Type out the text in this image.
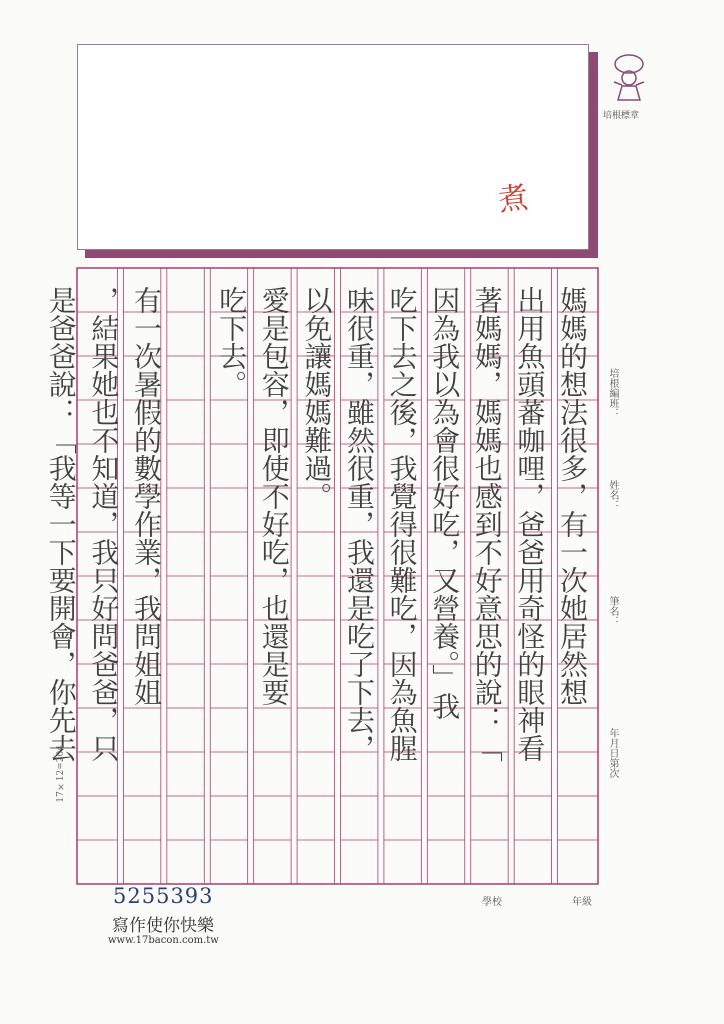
煮
培根標章
媽媽的想法很多，有一次她居然想
出用魚頭蕃咖哩，爸爸用奇怪的眼神看
著媽媽，媽媽也感到不好意思的說：「
因為我以為會很好吃，又營養。」我
吃下去之後，我覺得很難吃，因為魚腥
味很重，雖然很重，我還是吃了下去，
以免讓媽媽難過。
愛是包容，即使不好吃，也還是要
吃下去。
有一次暑假的數學作業，我問姐姐
，結果她也不知道，我只好問爸爸，只
是爸爸說：「我等一下要開會，你先去	培根編班：
姓名：
筆名：
年月日第次
17×12=204
學校	年級
5255393
寫作使你快樂
www.17bacon.com.tw
